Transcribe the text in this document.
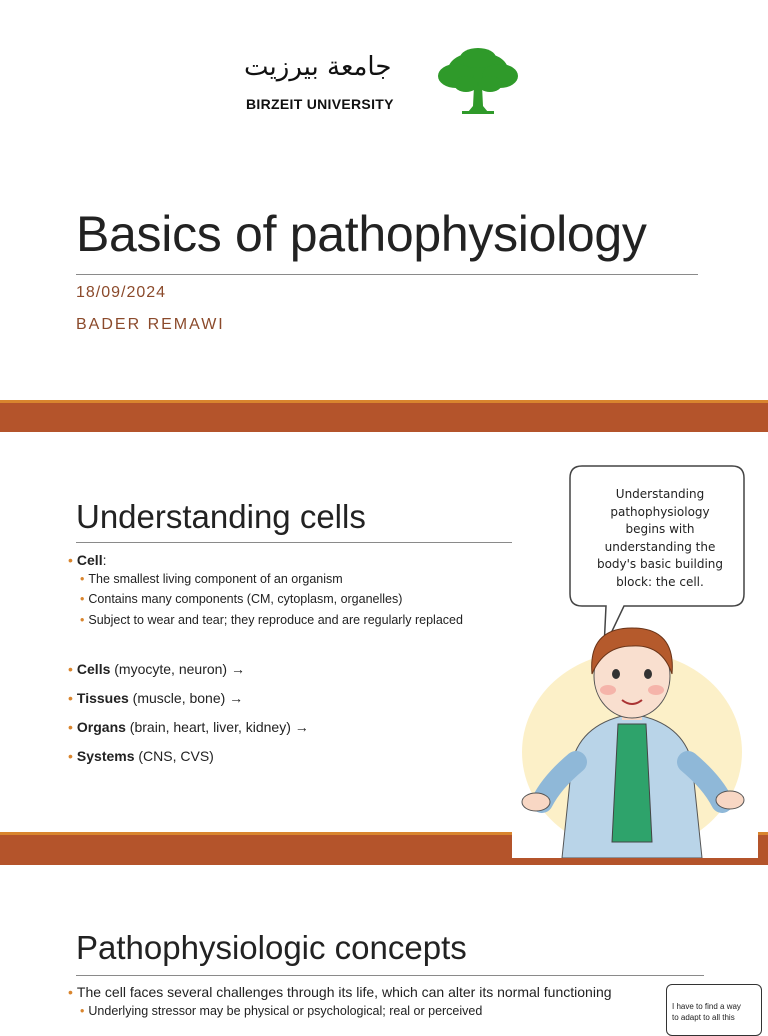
جامعة بيرزيت
BIRZEIT UNIVERSITY
Basics of pathophysiology
18/09/2024
BADER REMAWI
Understanding cells
• Cell:
• The smallest living component of an organism
• Contains many components (CM, cytoplasm, organelles)
• Subject to wear and tear; they reproduce and are regularly replaced
• Cells (myocyte, neuron) →
• Tissues (muscle, bone) →
• Organs (brain, heart, liver, kidney) →
• Systems (CNS, CVS)
Understanding
pathophysiology
begins with
understanding the
body's basic building
block: the cell.
Pathophysiologic concepts
• The cell faces several challenges through its life, which can alter its normal functioning
• Underlying stressor may be physical or psychological; real or perceived	I have to find a way
to adapt to all this
